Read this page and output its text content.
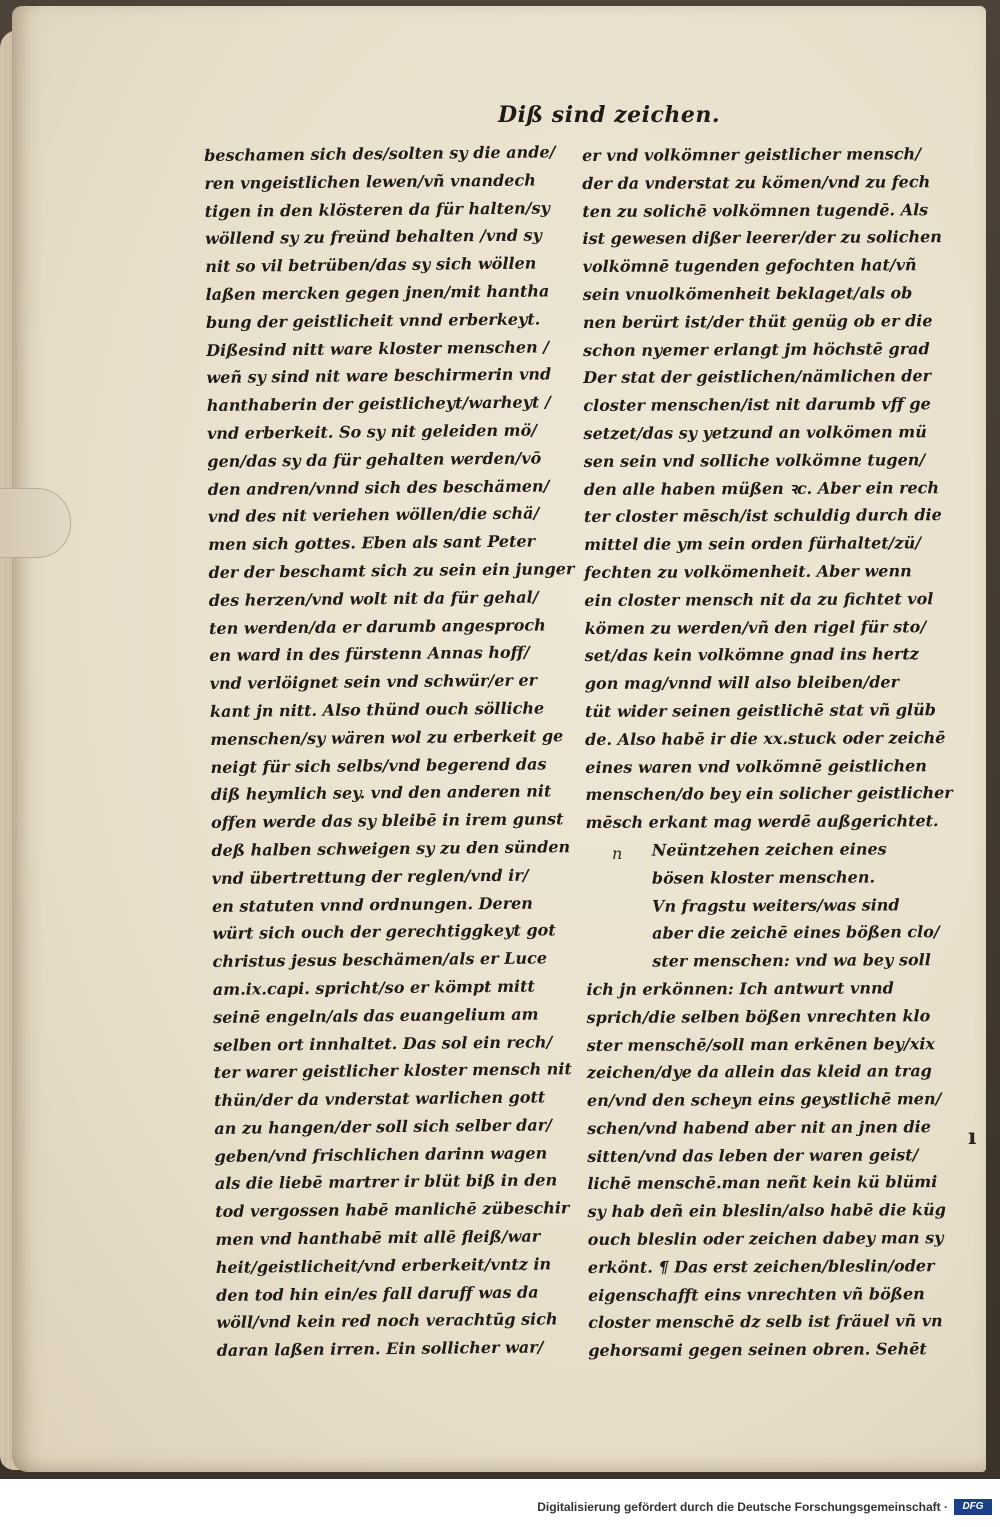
Diß sind zeichen.
beschamen sich des/solten sy die ande/
ren vngeistlichen lewen/vñ vnandech
tigen in den klösteren da für halten/sy
wöllend sy zu freünd behalten /vnd sy
nit so vil betrüben/das sy sich wöllen
laßen mercken gegen jnen/mit hantha
bung der geistlicheit vnnd erberkeyt.
Dißesind nitt ware kloster menschen /
weñ sy sind nit ware beschirmerin vnd
hanthaberin der geistlicheyt/warheyt /
vnd erberkeit. So sy nit geleiden mö/
gen/das sy da für gehalten werden/vō
den andren/vnnd sich des beschämen/
vnd des nit veriehen wöllen/die schä/
men sich gottes. Eben als sant Peter
der der beschamt sich zu sein ein junger
des herzen/vnd wolt nit da für gehal/
ten werden/da er darumb angesproch
en ward in des fürstenn Annas hoff/
vnd verlöignet sein vnd schwür/er er
kant jn nitt. Also thünd ouch sölliche
menschen/sy wären wol zu erberkeit ge
neigt für sich selbs/vnd begerend das
diß heymlich sey. vnd den anderen nit
offen werde das sy bleibē in irem gunst
deß halben schweigen sy zu den sünden
vnd übertrettung der reglen/vnd ir/
en statuten vnnd ordnungen. Deren
würt sich ouch der gerechtiggkeyt got
christus jesus beschämen/als er Luce
am.ix.capi. spricht/so er kömpt mitt
seinē engeln/als das euangelium am
selben ort innhaltet. Das sol ein rech/
ter warer geistlicher kloster mensch nit
thün/der da vnderstat warlichen gott
an zu hangen/der soll sich selber dar/
geben/vnd frischlichen darinn wagen
als die liebē martrer ir blüt biß in den
tod vergossen habē manlichē zübeschir
men vnd hanthabē mit allē fleiß/war
heit/geistlicheit/vnd erberkeit/vntz in
den tod hin ein/es fall daruff was da
wöll/vnd kein red noch verachtūg sich
daran laßen irren. Ein sollicher war/
er vnd volkömner geistlicher mensch/
der da vnderstat zu kömen/vnd zu fech
ten zu solichē volkömnen tugendē. Als
ist gewesen dißer leerer/der zu solichen
volkömnē tugenden gefochten hat/vñ
sein vnuolkömenheit beklaget/als ob
nen berürt ist/der thüt genüg ob er die
schon nyemer erlangt jm höchstē grad
Der stat der geistlichen/nämlichen der
closter menschen/ist nit darumb vff ge
setzet/das sy yetzund an volkömen mü
sen sein vnd solliche volkömne tugen/
den alle haben müßen ꝛc. Aber ein rech
ter closter mēsch/ist schuldig durch die
mittel die ym sein orden fürhaltet/zü/
fechten zu volkömenheit. Aber wenn
ein closter mensch nit da zu fichtet vol
kömen zu werden/vñ den rigel für sto/
set/das kein volkömne gnad ins hertz
gon mag/vnnd will also bleiben/der
tüt wider seinen geistlichē stat vñ glüb
de. Also habē ir die xx.stuck oder zeichē
eines waren vnd volkömnē geistlichen
menschen/do bey ein solicher geistlicher
mēsch erkant mag werdē außgerichtet.
Neüntzehen zeichen eines
bösen kloster menschen.
Vn fragstu weiters/was sind
aber die zeichē eines bößen clo/
ster menschen: vnd wa bey soll
ich jn erkönnen: Ich antwurt vnnd
sprich/die selben bößen vnrechten klo
ster menschē/soll man erkēnen bey/xix
zeichen/dye da allein das kleid an trag
en/vnd den scheyn eins geystlichē men/
schen/vnd habend aber nit an jnen die
sitten/vnd das leben der waren geist/
lichē menschē.man neñt kein kü blümi
sy hab deñ ein bleslin/also habē die küg
ouch bleslin oder zeichen dabey man sy
erkönt. ¶ Das erst zeichen/bleslin/oder
eigenschafft eins vnrechten vñ bößen
closter menschē dz selb ist fräuel vñ vn
gehorsami gegen seinen obren. Sehēt
n
ı
Digitalisierung gefördert durch die Deutsche Forschungsgemeinschaft ·	DFG
